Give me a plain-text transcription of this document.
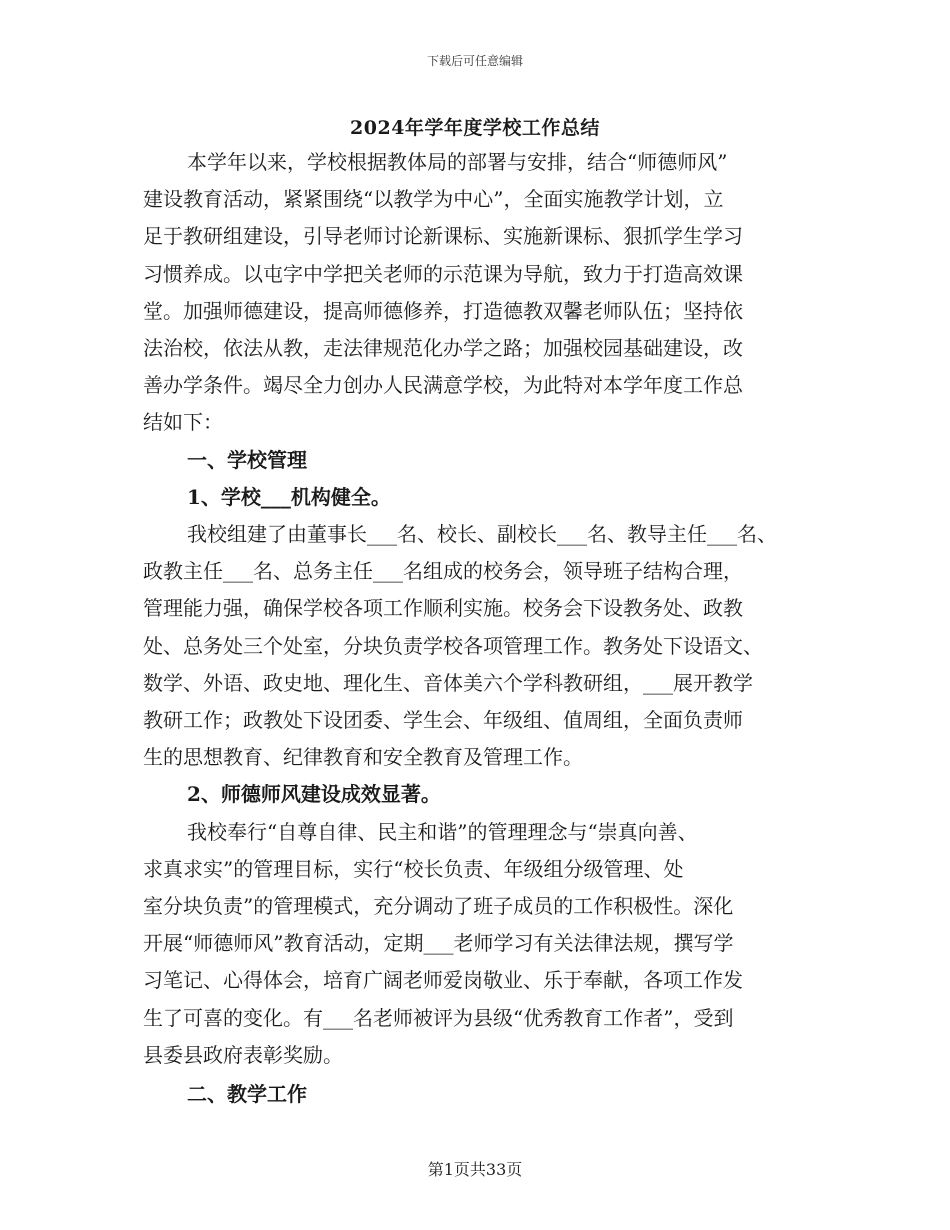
下载后可任意编辑
2024年学年度学校工作总结

本学年以来，学校根据教体局的部署与安排，结合“师德师风”
建设教育活动，紧紧围绕“以教学为中心”，全面实施教学计划，立
足于教研组建设，引导老师讨论新课标、实施新课标、狠抓学生学习
习惯养成。以屯字中学把关老师的示范课为导航，致力于打造高效课
堂。加强师德建设，提高师德修养，打造德教双馨老师队伍；坚持依
法治校，依法从教，走法律规范化办学之路；加强校园基础建设，改
善办学条件。竭尽全力创办人民满意学校，为此特对本学年度工作总
结如下：

一、学校管理

1、学校___机构健全。

我校组建了由董事长___名、校长、副校长___名、教导主任___名、
政教主任___名、总务主任___名组成的校务会，领导班子结构合理，
管理能力强，确保学校各项工作顺利实施。校务会下设教务处、政教
处、总务处三个处室，分块负责学校各项管理工作。教务处下设语文、
数学、外语、政史地、理化生、音体美六个学科教研组，___展开教学
教研工作；政教处下设团委、学生会、年级组、值周组，全面负责师
生的思想教育、纪律教育和安全教育及管理工作。

2、师德师风建设成效显著。

我校奉行“自尊自律、民主和谐”的管理理念与“崇真向善、
求真求实”的管理目标，实行“校长负责、年级组分级管理、处
室分块负责”的管理模式，充分调动了班子成员的工作积极性。深化
开展“师德师风”教育活动，定期___老师学习有关法律法规，撰写学
习笔记、心得体会，培育广阔老师爱岗敬业、乐于奉献，各项工作发
生了可喜的变化。有___名老师被评为县级“优秀教育工作者”，受到
县委县政府表彰奖励。

二、教学工作

第1页共33页
